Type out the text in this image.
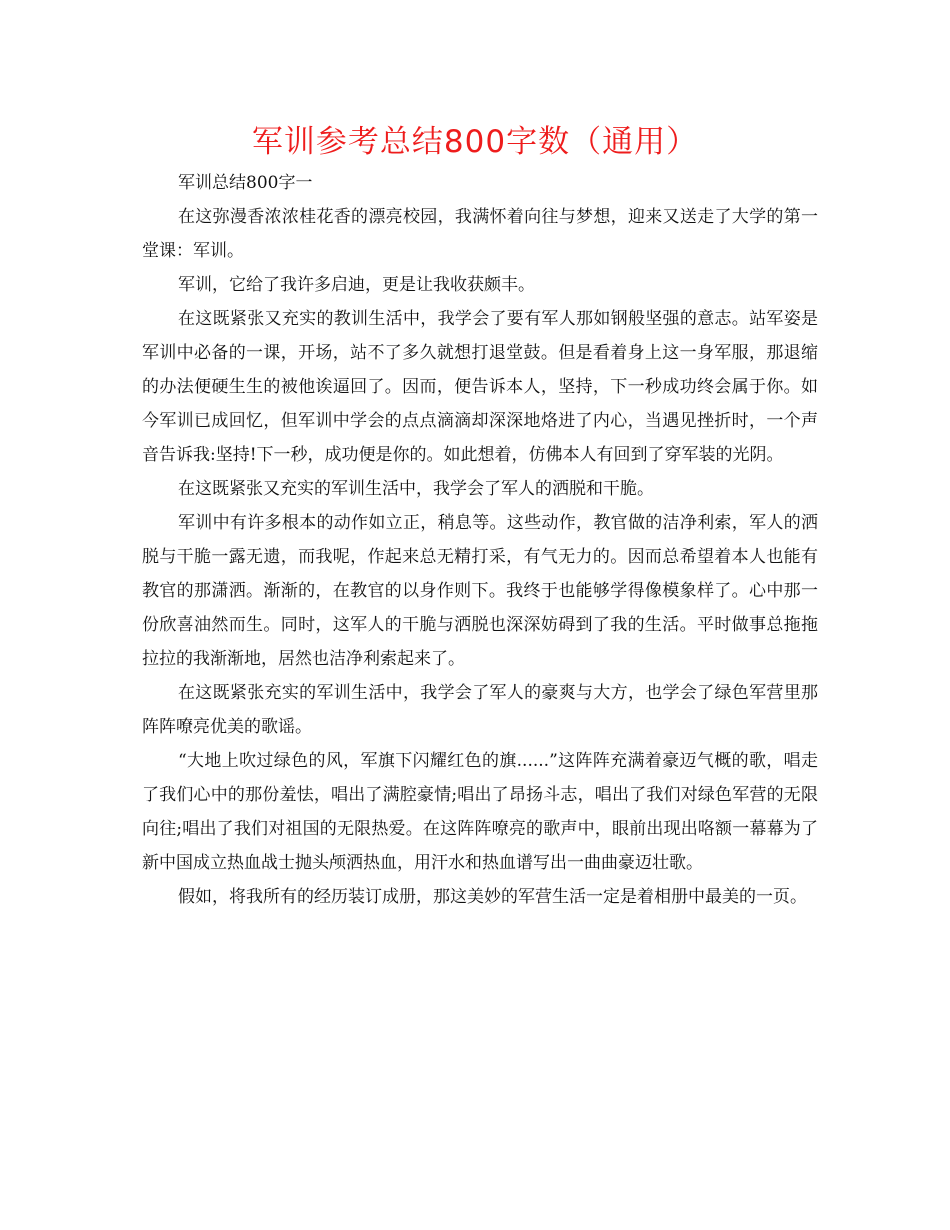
军训参考总结800字数（通用）

军训总结800字一

在这弥漫香浓浓桂花香的漂亮校园，我满怀着向往与梦想，迎来又送走了大学的第一堂课：军训。

军训，它给了我许多启迪，更是让我收获颇丰。

在这既紧张又充实的教训生活中，我学会了要有军人那如钢般坚强的意志。站军姿是军训中必备的一课，开场，站不了多久就想打退堂鼓。但是看着身上这一身军服，那退缩的办法便硬生生的被他诶逼回了。因而，便告诉本人，坚持，下一秒成功终会属于你。如今军训已成回忆，但军训中学会的点点滴滴却深深地烙进了内心，当遇见挫折时，一个声音告诉我:坚持!下一秒，成功便是你的。如此想着，仿佛本人有回到了穿军装的光阴。

在这既紧张又充实的军训生活中，我学会了军人的洒脱和干脆。

军训中有许多根本的动作如立正，稍息等。这些动作，教官做的洁净利索，军人的洒脱与干脆一露无遗，而我呢，作起来总无精打采，有气无力的。因而总希望着本人也能有教官的那潇洒。渐渐的，在教官的以身作则下。我终于也能够学得像模象样了。心中那一份欣喜油然而生。同时，这军人的干脆与洒脱也深深妨碍到了我的生活。平时做事总拖拖拉拉的我渐渐地，居然也洁净利索起来了。

在这既紧张充实的军训生活中，我学会了军人的豪爽与大方，也学会了绿色军营里那阵阵嘹亮优美的歌谣。

“大地上吹过绿色的风，军旗下闪耀红色的旗......”这阵阵充满着豪迈气概的歌，唱走了我们心中的那份羞怯，唱出了满腔豪情;唱出了昂扬斗志，唱出了我们对绿色军营的无限向往;唱出了我们对祖国的无限热爱。在这阵阵嘹亮的歌声中，眼前出现出咯额一幕幕为了新中国成立热血战士抛头颅洒热血，用汗水和热血谱写出一曲曲豪迈壮歌。

假如，将我所有的经历装订成册，那这美妙的军营生活一定是着相册中最美的一页。
